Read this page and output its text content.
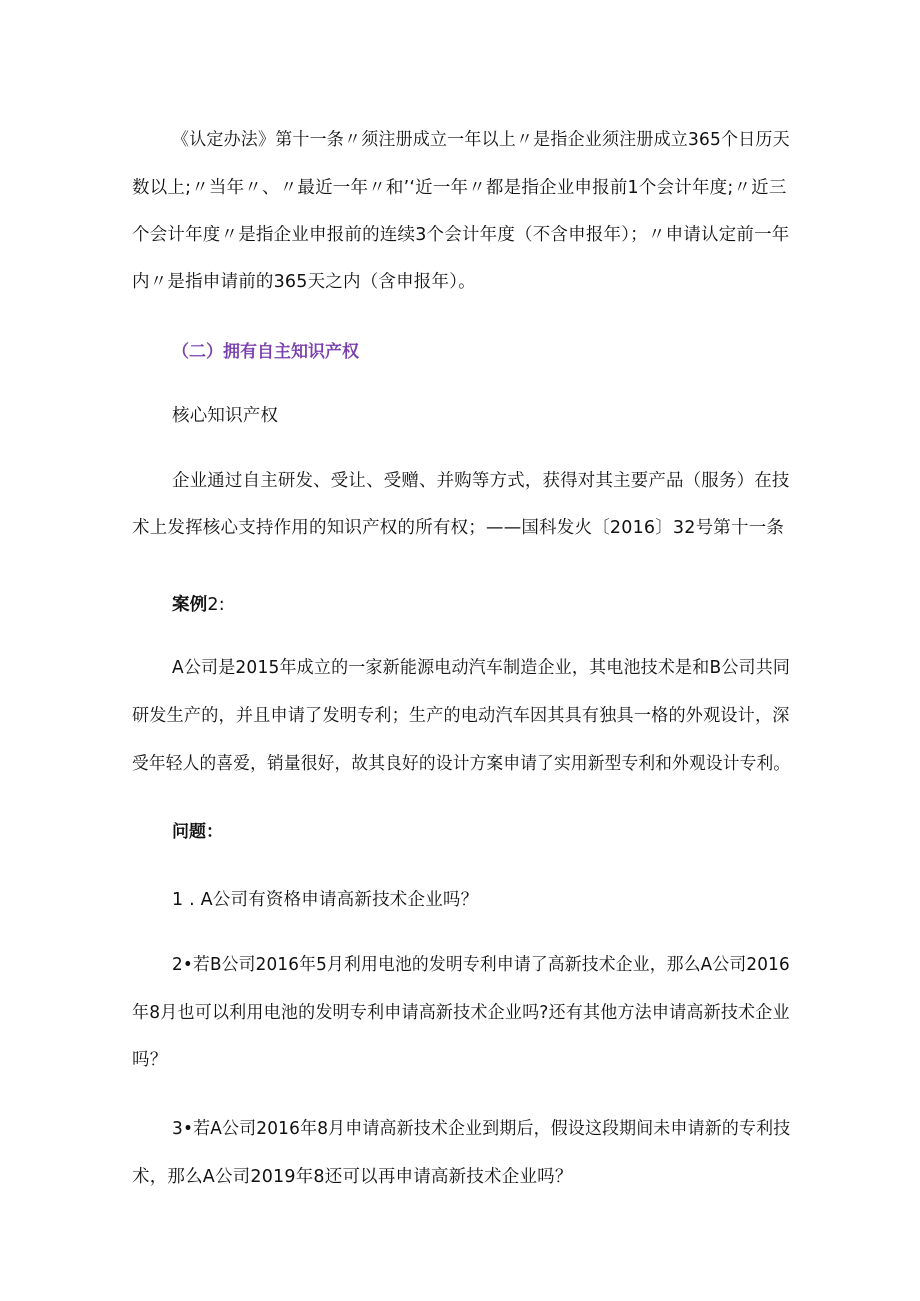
《认定办法》第十一条〃须注册成立一年以上〃是指企业须注册成立365个日历天
数以上;〃当年〃、〃最近一年〃和’‘近一年〃都是指企业申报前1个会计年度;〃近三
个会计年度〃是指企业申报前的连续3个会计年度（不含申报年）；〃申请认定前一年
内〃是指申请前的365天之内（含申报年）。
（二）拥有自主知识产权
核心知识产权
企业通过自主研发、受让、受赠、并购等方式，获得对其主要产品（服务）在技
术上发挥核心支持作用的知识产权的所有权；——国科发火〔2016〕32号第十一条
案例2:
A公司是2015年成立的一家新能源电动汽车制造企业，其电池技术是和B公司共同
研发生产的，并且申请了发明专利；生产的电动汽车因其具有独具一格的外观设计，深
受年轻人的喜爱，销量很好，故其良好的设计方案申请了实用新型专利和外观设计专利。
问题：
1 . A公司有资格申请高新技术企业吗？
2•若B公司2016年5月利用电池的发明专利申请了高新技术企业，那么A公司2016
年8月也可以利用电池的发明专利申请高新技术企业吗?还有其他方法申请高新技术企业
吗？
3•若A公司2016年8月申请高新技术企业到期后，假设这段期间未申请新的专利技
术，那么A公司2019年8还可以再申请高新技术企业吗？
